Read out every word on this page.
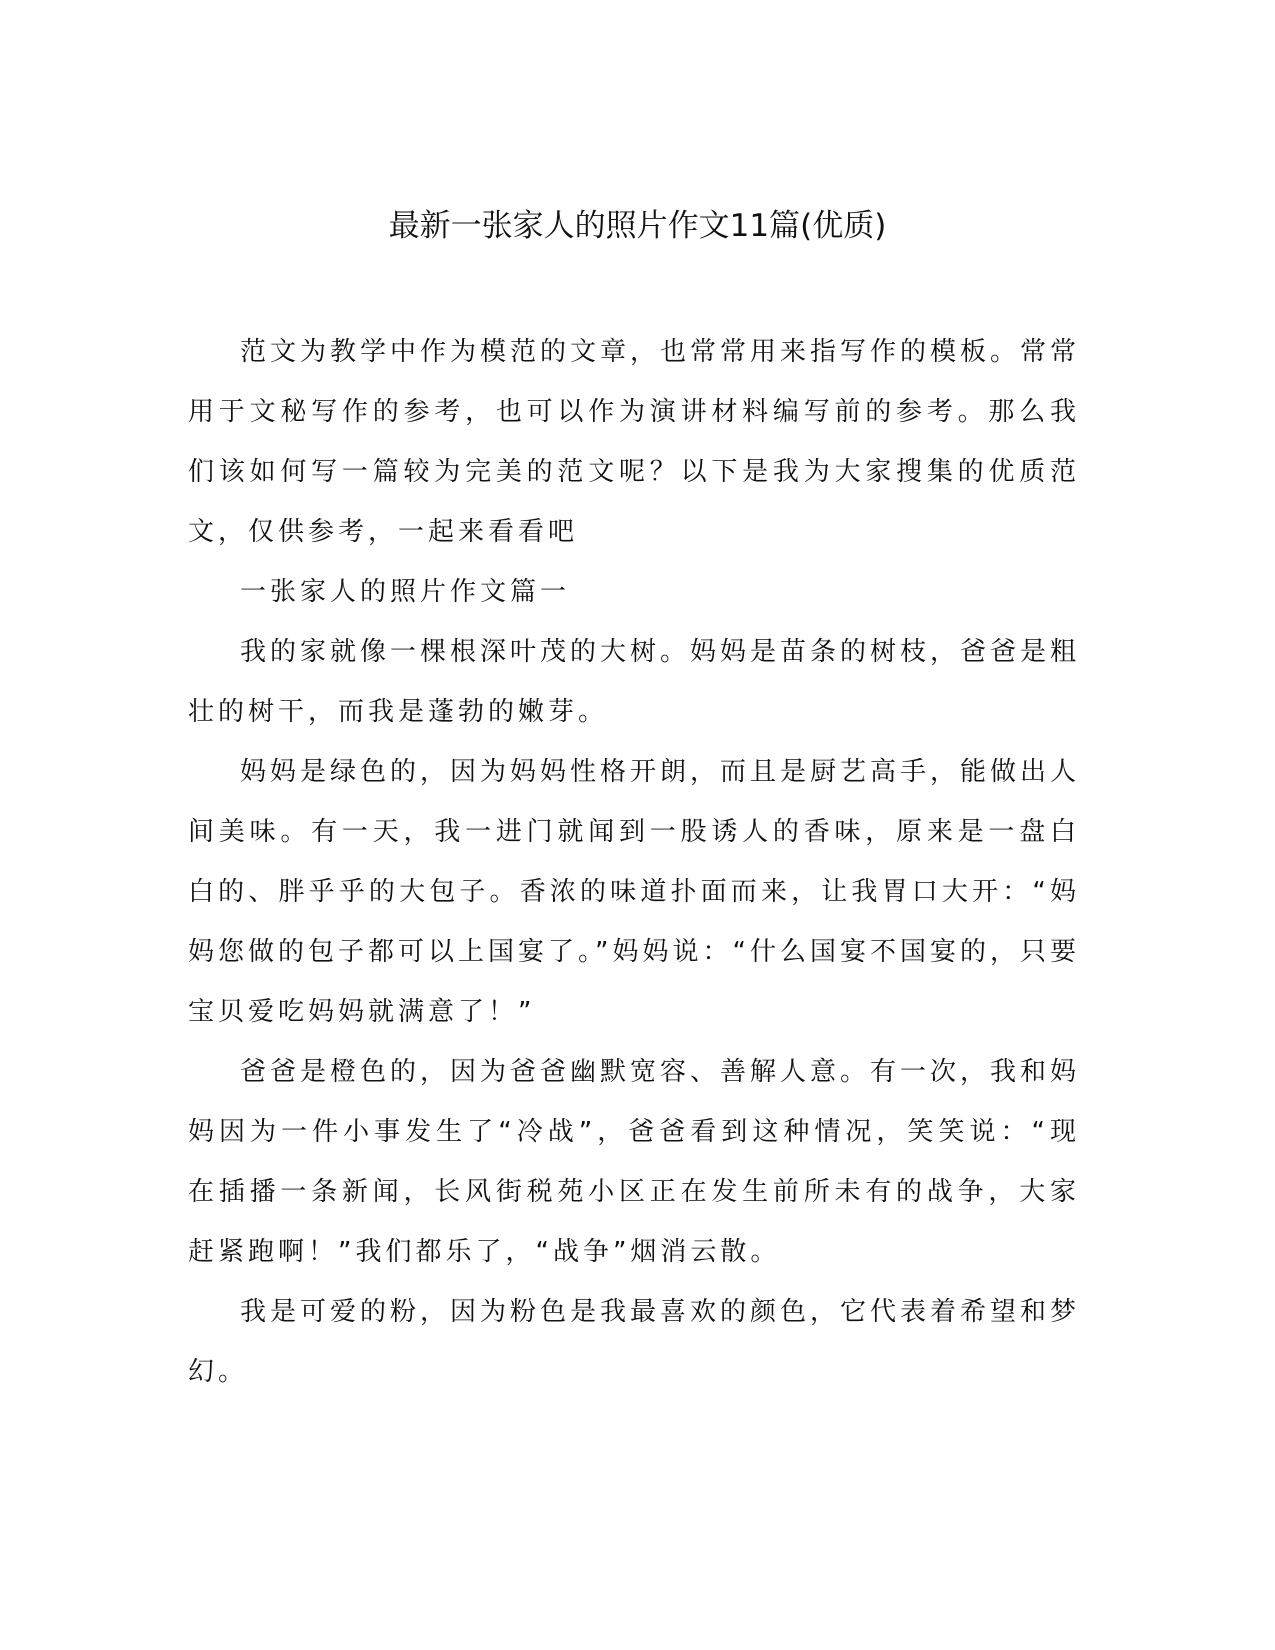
最新一张家人的照片作文11篇(优质)

范文为教学中作为模范的文章，也常常用来指写作的模板。常常用于文秘写作的参考，也可以作为演讲材料编写前的参考。那么我们该如何写一篇较为完美的范文呢？以下是我为大家搜集的优质范文，仅供参考，一起来看看吧

一张家人的照片作文篇一

我的家就像一棵根深叶茂的大树。妈妈是苗条的树枝，爸爸是粗壮的树干，而我是蓬勃的嫩芽。

妈妈是绿色的，因为妈妈性格开朗，而且是厨艺高手，能做出人间美味。有一天，我一进门就闻到一股诱人的香味，原来是一盘白白的、胖乎乎的大包子。香浓的味道扑面而来，让我胃口大开：“妈妈您做的包子都可以上国宴了。”妈妈说：“什么国宴不国宴的，只要宝贝爱吃妈妈就满意了！”

爸爸是橙色的，因为爸爸幽默宽容、善解人意。有一次，我和妈妈因为一件小事发生了“冷战”，爸爸看到这种情况，笑笑说：“现在插播一条新闻，长风街税苑小区正在发生前所未有的战争，大家赶紧跑啊！”我们都乐了，“战争”烟消云散。

我是可爱的粉，因为粉色是我最喜欢的颜色，它代表着希望和梦幻。
